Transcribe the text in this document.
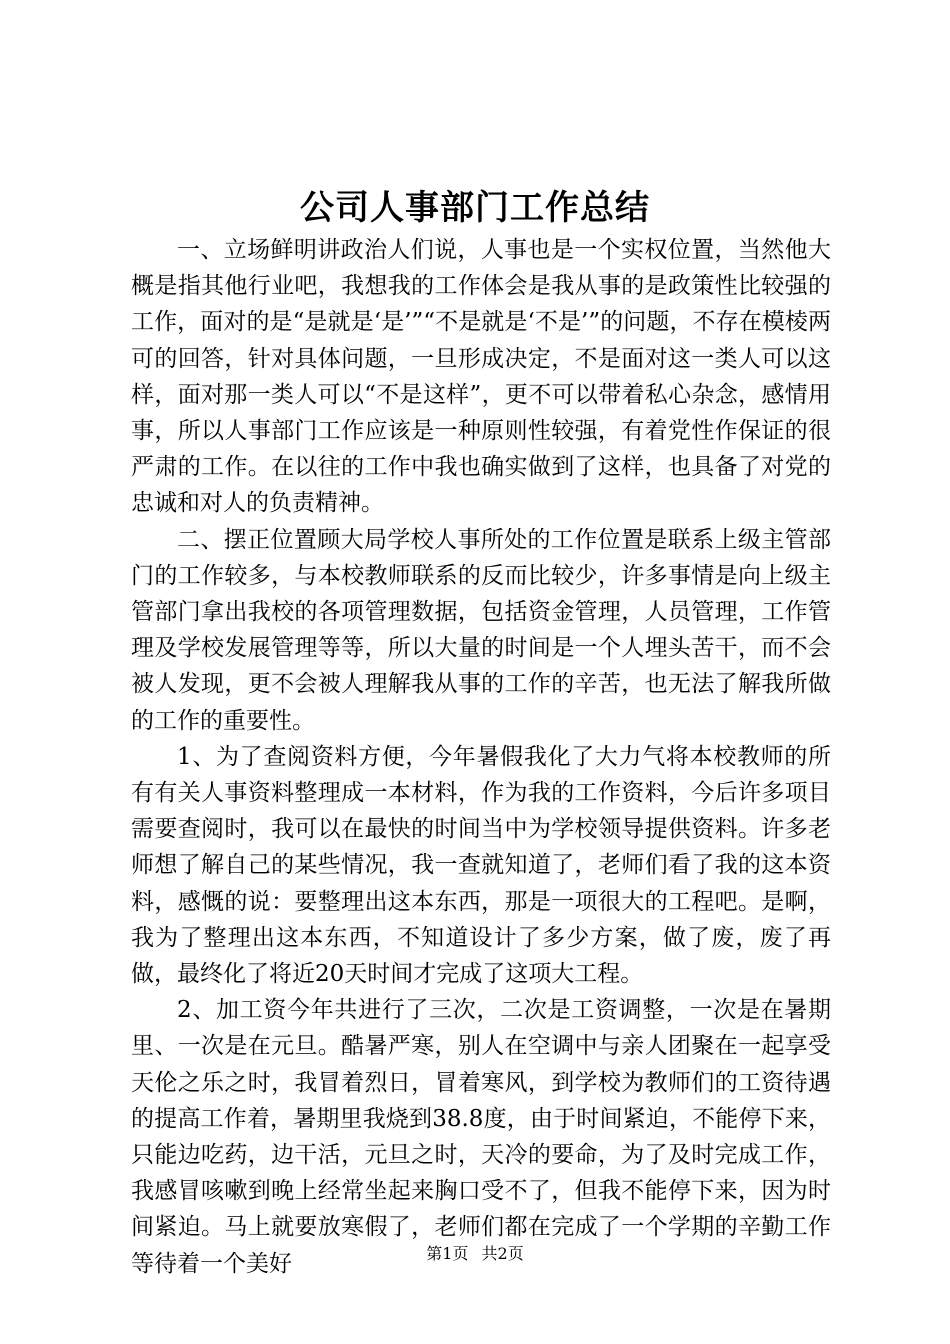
公司人事部门工作总结

一、立场鲜明讲政治人们说，人事也是一个实权位置，当然他大概是指其他行业吧，我想我的工作体会是我从事的是政策性比较强的工作，面对的是“是就是‘是’”“不是就是‘不是’”的问题，不存在模棱两可的回答，针对具体问题，一旦形成决定，不是面对这一类人可以这样，面对那一类人可以“不是这样”，更不可以带着私心杂念，感情用事，所以人事部门工作应该是一种原则性较强，有着党性作保证的很严肃的工作。在以往的工作中我也确实做到了这样，也具备了对党的忠诚和对人的负责精神。

二、摆正位置顾大局学校人事所处的工作位置是联系上级主管部门的工作较多，与本校教师联系的反而比较少，许多事情是向上级主管部门拿出我校的各项管理数据，包括资金管理，人员管理，工作管理及学校发展管理等等，所以大量的时间是一个人埋头苦干，而不会被人发现，更不会被人理解我从事的工作的辛苦，也无法了解我所做的工作的重要性。

1、为了查阅资料方便，今年暑假我化了大力气将本校教师的所有有关人事资料整理成一本材料，作为我的工作资料，今后许多项目需要查阅时，我可以在最快的时间当中为学校领导提供资料。许多老师想了解自己的某些情况，我一查就知道了，老师们看了我的这本资料，感慨的说：要整理出这本东西，那是一项很大的工程吧。是啊，我为了整理出这本东西，不知道设计了多少方案，做了废，废了再做，最终化了将近20天时间才完成了这项大工程。

2、加工资今年共进行了三次，二次是工资调整，一次是在暑期里、一次是在元旦。酷暑严寒，别人在空调中与亲人团聚在一起享受天伦之乐之时，我冒着烈日，冒着寒风，到学校为教师们的工资待遇的提高工作着，暑期里我烧到38.8度，由于时间紧迫，不能停下来，只能边吃药，边干活，元旦之时，天冷的要命，为了及时完成工作，我感冒咳嗽到晚上经常坐起来胸口受不了，但我不能停下来，因为时间紧迫。马上就要放寒假了，老师们都在完成了一个学期的辛勤工作等待着一个美好	第1页 共2页
